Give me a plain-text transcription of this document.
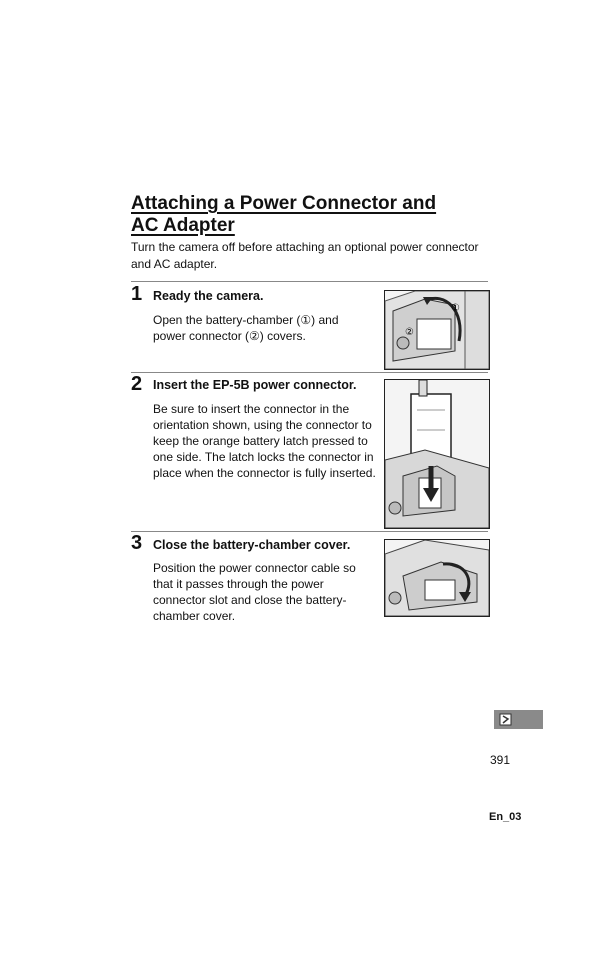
Attaching a Power Connector and AC Adapter
Turn the camera off before attaching an optional power connector and AC adapter.
1 Ready the camera.
Open the battery-chamber (①) and power connector (②) covers.
①
②
2 Insert the EP-5B power connector.
Be sure to insert the connector in the orientation shown, using the connector to keep the orange battery latch pressed to one side. The latch locks the connector in place when the connector is fully inserted.
3 Close the battery-chamber cover.
Position the power connector cable so that it passes through the power connector slot and close the battery-chamber cover.
391
En_03
